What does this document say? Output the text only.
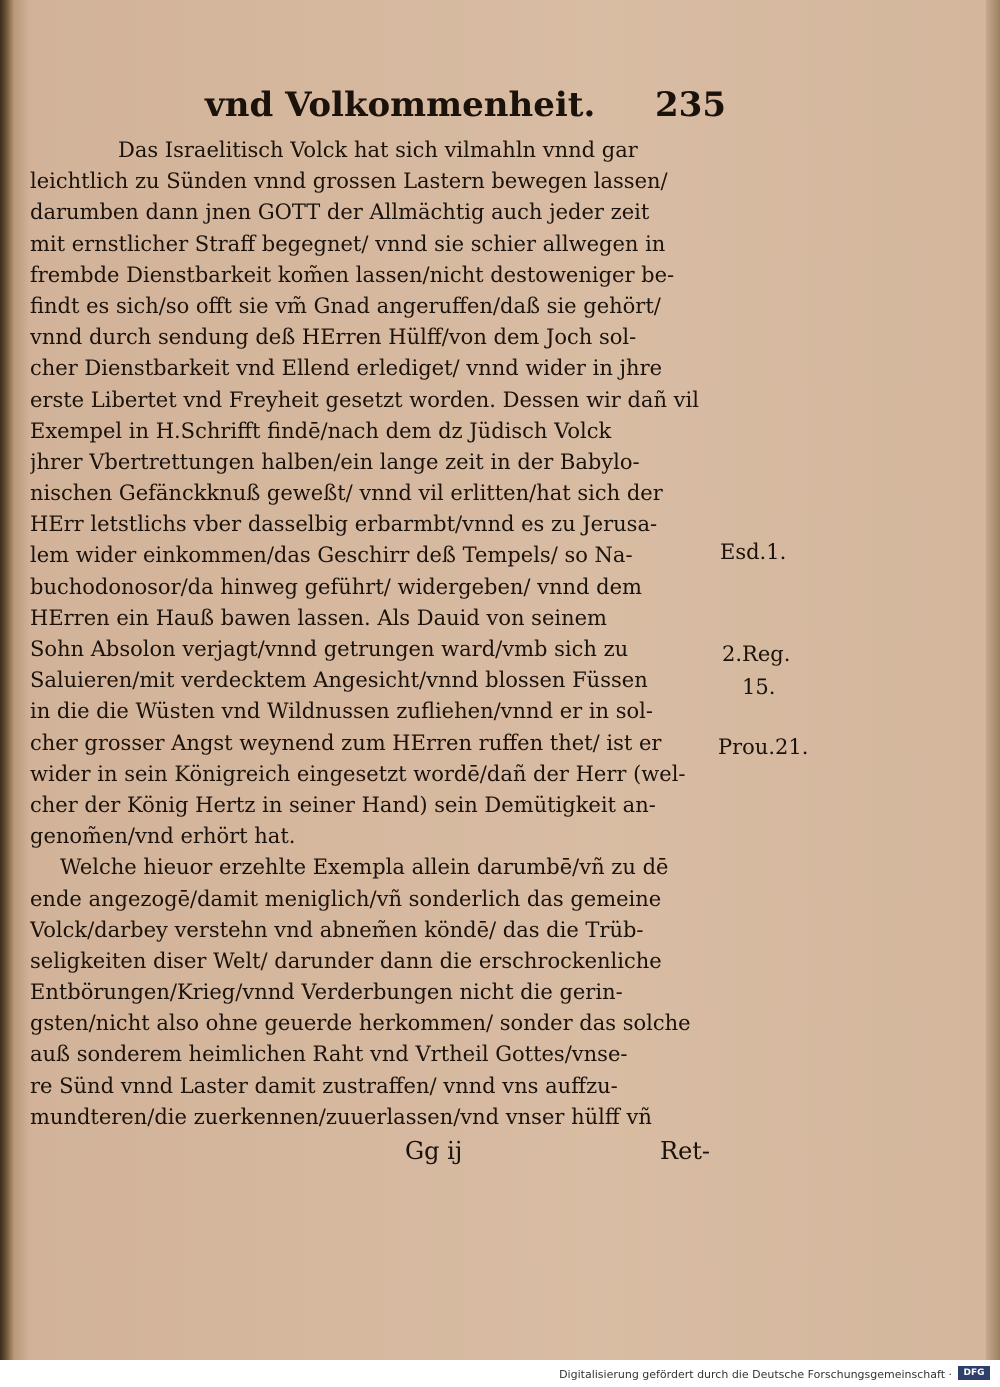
vnd Volkommenheit. 235
Das Israelitisch Volck hat sich vilmahln vnnd gar
leichtlich zu Sünden vnnd grossen Lastern bewegen lassen/
darumben dann jnen GOTT der Allmächtig auch jeder zeit
mit ernstlicher Straff begegnet/ vnnd sie schier allwegen in
frembde Dienstbarkeit kom̃en lassen/nicht destoweniger be-
findt es sich/so offt sie vm̃ Gnad angeruffen/daß sie gehört/
vnnd durch sendung deß HErren Hülff/von dem Joch sol-
cher Dienstbarkeit vnd Ellend erlediget/ vnnd wider in jhre
erste Libertet vnd Freyheit gesetzt worden. Dessen wir dañ vil
Exempel in H.Schrifft findē/nach dem dz Jüdisch Volck
jhrer Vbertrettungen halben/ein lange zeit in der Babylo-
nischen Gefänckknuß geweßt/ vnnd vil erlitten/hat sich der
HErr letstlichs vber dasselbig erbarmbt/vnnd es zu Jerusa-
lem wider einkommen/das Geschirr deß Tempels/ so Na-
buchodonosor/da hinweg geführt/ widergeben/ vnnd dem
HErren ein Hauß bawen lassen. Als Dauid von seinem
Sohn Absolon verjagt/vnnd getrungen ward/vmb sich zu
Saluieren/mit verdecktem Angesicht/vnnd blossen Füssen
in die die Wüsten vnd Wildnussen zufliehen/vnnd er in sol-
cher grosser Angst weynend zum HErren ruffen thet/ ist er
wider in sein Königreich eingesetzt wordē/dañ der Herr (wel-
cher der König Hertz in seiner Hand) sein Demütigkeit an-
genom̃en/vnd erhört hat.
Welche hieuor erzehlte Exempla allein darumbē/vñ zu dē
ende angezogē/damit meniglich/vñ sonderlich das gemeine
Volck/darbey verstehn vnd abnem̃en köndē/ das die Trüb-
seligkeiten diser Welt/ darunder dann die erschrockenliche
Entbörungen/Krieg/vnnd Verderbungen nicht die gerin-
gsten/nicht also ohne geuerde herkommen/ sonder das solche
auß sonderem heimlichen Raht vnd Vrtheil Gottes/vnse-
re Sünd vnnd Laster damit zustraffen/ vnnd vns auffzu-
mundteren/die zuerkennen/zuuerlassen/vnd vnser hülff vñ
Gg ij	Ret-
Esd.1.
2.Reg.
15.
Prou.21.
Digitalisierung gefördert durch die Deutsche Forschungsgemeinschaft ·	DFG
